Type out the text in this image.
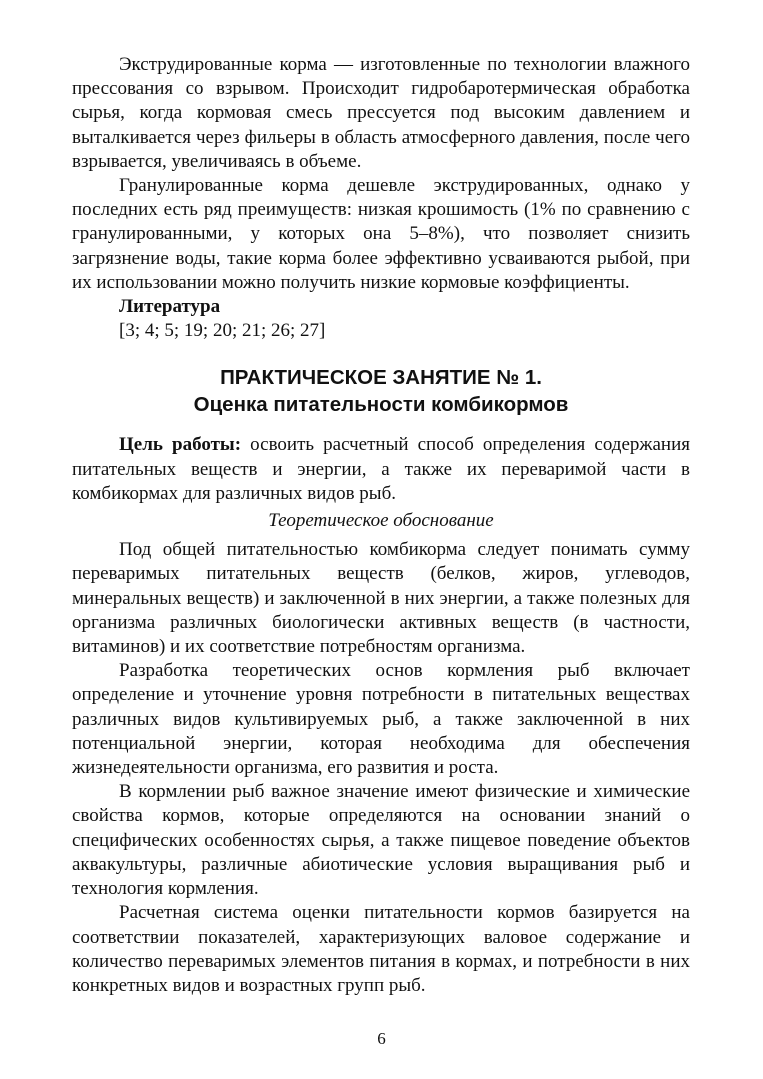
Экструдированные корма — изготовленные по технологии влажного прессования со взрывом. Происходит гидробаротермическая обработка сырья, когда кормовая смесь прессуется под высоким давлением и выталкивается через фильеры в область атмосферного давления, после чего взрывается, увеличиваясь в объеме.

Гранулированные корма дешевле экструдированных, однако у последних есть ряд преимуществ: низкая крошимость (1% по сравнению с гранулированными, у которых она 5–8%), что позволяет снизить загрязнение воды, такие корма более эффективно усваиваются рыбой, при их использовании можно получить низкие кормовые коэффициенты.

Литература

[3; 4; 5; 19; 20; 21; 26; 27]

ПРАКТИЧЕСКОЕ ЗАНЯТИЕ № 1.
Оценка питательности комбикормов

Цель работы: освоить расчетный способ определения содержания питательных веществ и энергии, а также их переваримой части в комбикормах для различных видов рыб.

Теоретическое обоснование

Под общей питательностью комбикорма следует понимать сумму переваримых питательных веществ (белков, жиров, углеводов, минеральных веществ) и заключенной в них энергии, а также полезных для организма различных биологически активных веществ (в частности, витаминов) и их соответствие потребностям организма.

Разработка теоретических основ кормления рыб включает определение и уточнение уровня потребности в питательных веществах различных видов культивируемых рыб, а также заключенной в них потенциальной энергии, которая необходима для обеспечения жизнедеятельности организма, его развития и роста.

В кормлении рыб важное значение имеют физические и химические свойства кормов, которые определяются на основании знаний о специфических особенностях сырья, а также пищевое поведение объектов аквакультуры, различные абиотические условия выращивания рыб и технология кормления.

Расчетная система оценки питательности кормов базируется на соответствии показателей, характеризующих валовое содержание и количество переваримых элементов питания в кормах, и потребности в них конкретных видов и возрастных групп рыб.

6
